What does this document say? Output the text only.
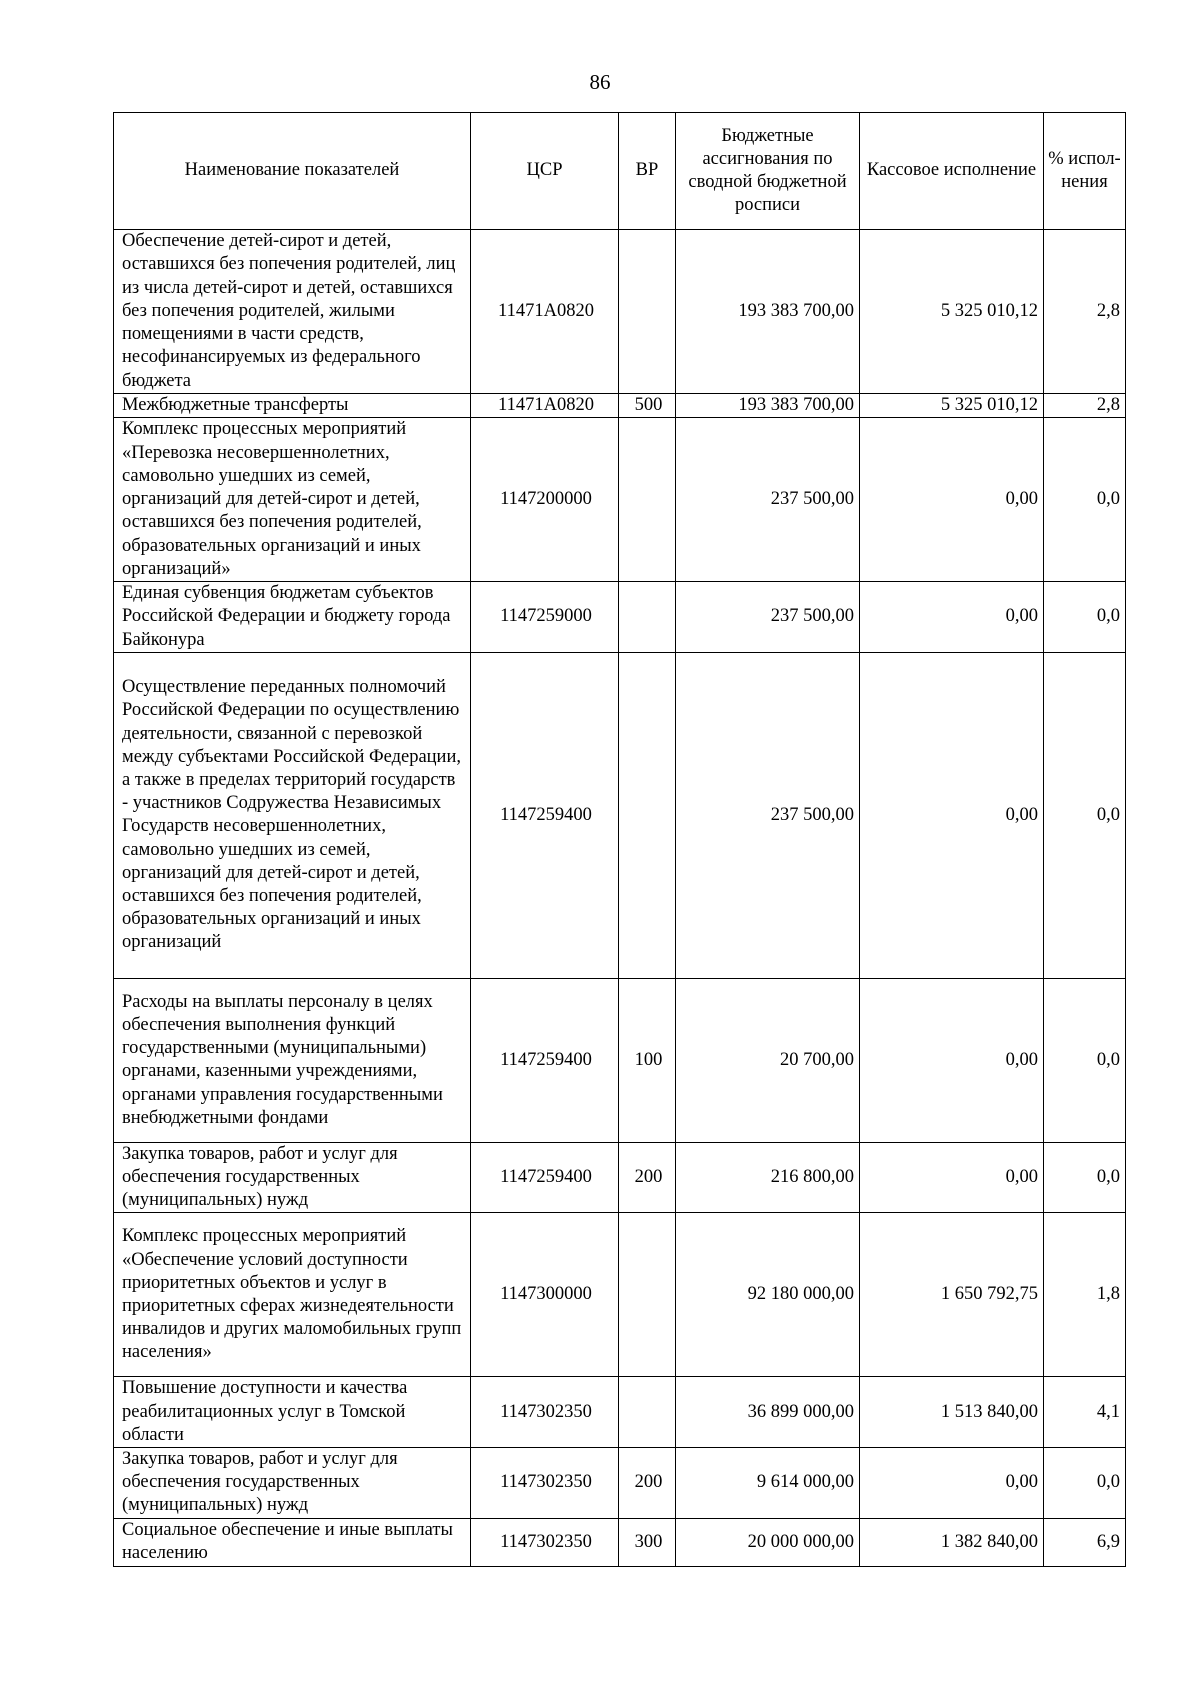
86
Наименование показателей	ЦСР	ВР	Бюджетные ассигнования по сводной бюджетной росписи	Кассовое исполнение	% испол-нения
Обеспечение детей-сирот и детей, оставшихся без попечения родителей, лиц из числа детей-сирот и детей, оставшихся без попечения родителей, жилыми помещениями в части средств, несофинансируемых из федерального бюджета	11471A0820		193 383 700,00	5 325 010,12	2,8
Межбюджетные трансферты	11471A0820	500	193 383 700,00	5 325 010,12	2,8
Комплекс процессных мероприятий «Перевозка несовершеннолетних, самовольно ушедших из семей, организаций для детей-сирот и детей, оставшихся без попечения родителей, образовательных организаций и иных организаций»	1147200000		237 500,00	0,00	0,0
Единая субвенция бюджетам субъектов Российской Федерации и бюджету города Байконура	1147259000		237 500,00	0,00	0,0
Осуществление переданных полномочий Российской Федерации по осуществлению деятельности, связанной с перевозкой между субъектами Российской Федерации, а также в пределах территорий государств - участников Содружества Независимых Государств несовершеннолетних, самовольно ушедших из семей, организаций для детей-сирот и детей, оставшихся без попечения родителей, образовательных организаций и иных организаций	1147259400		237 500,00	0,00	0,0
Расходы на выплаты персоналу в целях обеспечения выполнения функций государственными (муниципальными) органами, казенными учреждениями, органами управления государственными внебюджетными фондами	1147259400	100	20 700,00	0,00	0,0
Закупка товаров, работ и услуг для обеспечения государственных (муниципальных) нужд	1147259400	200	216 800,00	0,00	0,0
Комплекс процессных мероприятий «Обеспечение условий доступности приоритетных объектов и услуг в приоритетных сферах жизнедеятельности инвалидов и других маломобильных групп населения»	1147300000		92 180 000,00	1 650 792,75	1,8
Повышение доступности и качества реабилитационных услуг в Томской области	1147302350		36 899 000,00	1 513 840,00	4,1
Закупка товаров, работ и услуг для обеспечения государственных (муниципальных) нужд	1147302350	200	9 614 000,00	0,00	0,0
Социальное обеспечение и иные выплаты населению	1147302350	300	20 000 000,00	1 382 840,00	6,9
